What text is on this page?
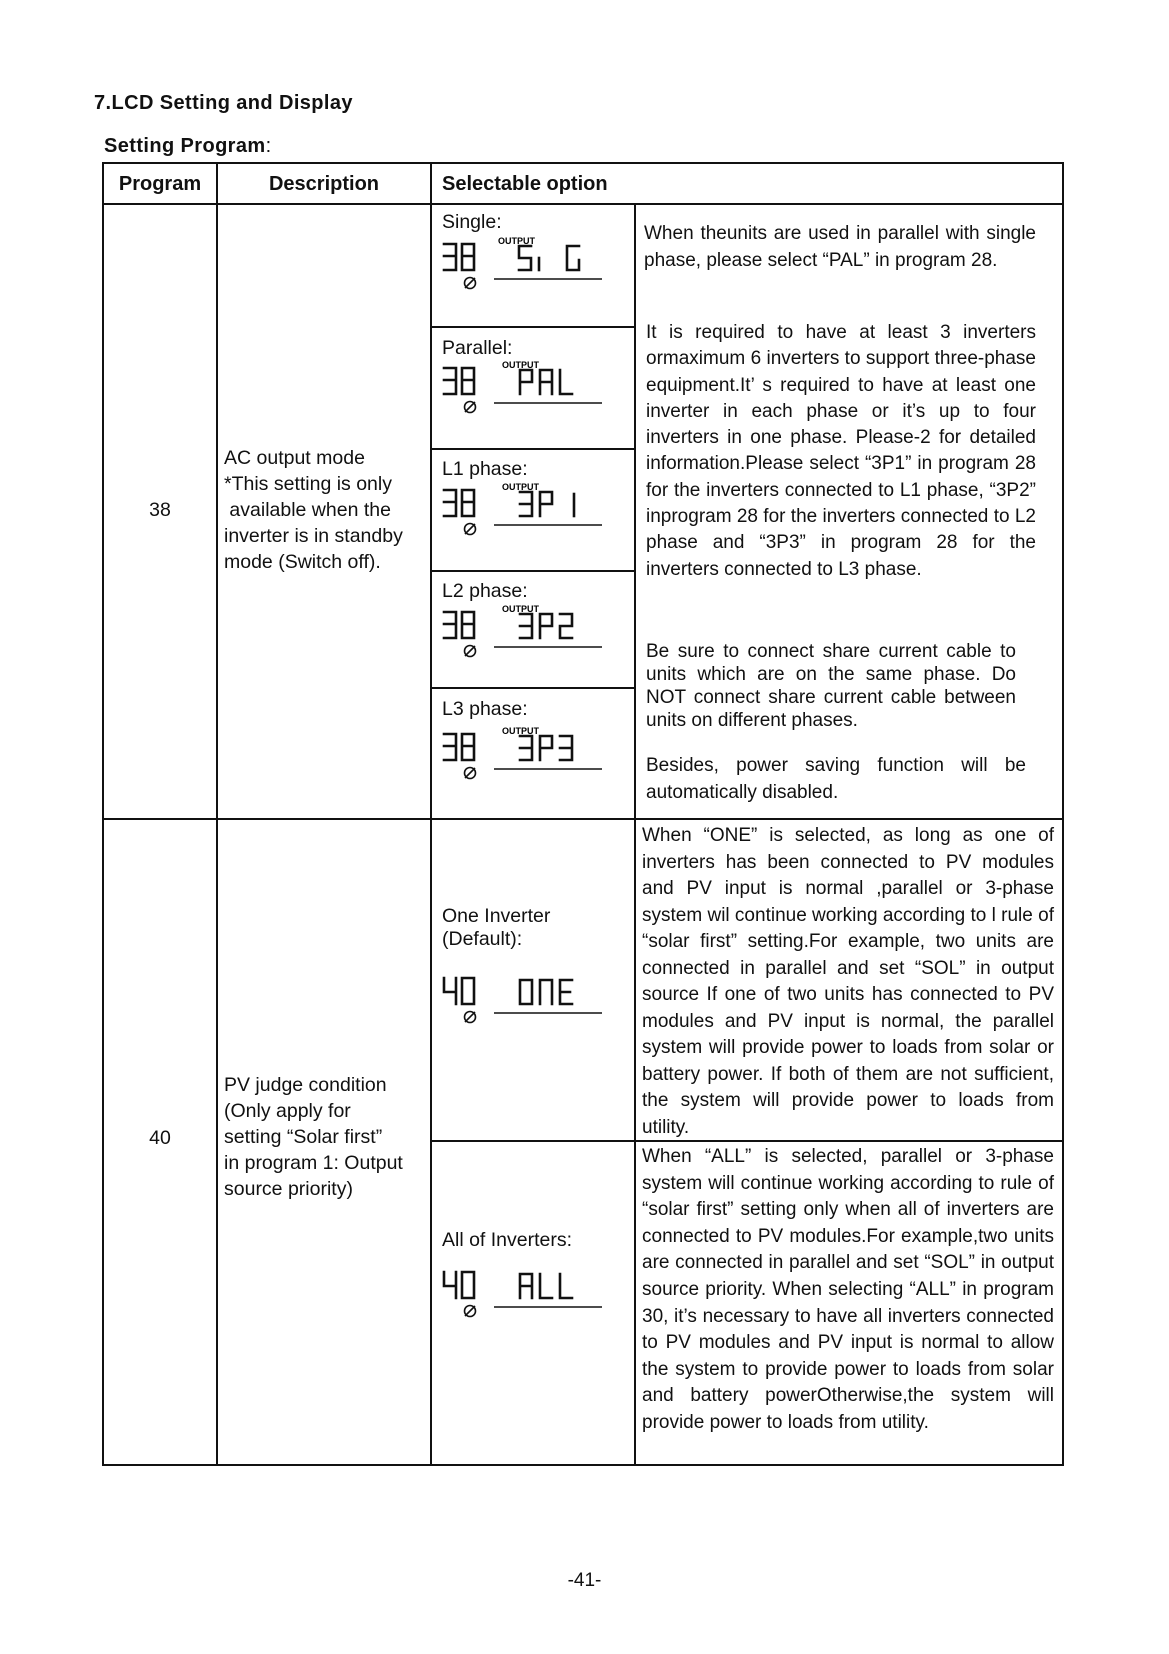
7.LCD Setting and Display
Setting Program:
Program	Description	Selectable option
38
AC output mode
*This setting is only
available when the
inverter is in standby
mode (Switch off).
Single:
OUTPUT
Parallel:
OUTPUT
L1 phase:
OUTPUT
L2 phase:
OUTPUT
L3 phase:
OUTPUT
When theunits are used in parallel with single phase, please select “PAL” in program 28.
It is required to have at least 3 inverters ormaximum 6 inverters to support three-phase equipment.It’ s required to have at least one inverter in each phase or it’s up to four inverters in one phase. Please-2 for detailed information.Please select “3P1” in program 28 for the inverters connected to L1 phase, “3P2” inprogram 28 for the inverters connected to L2 phase and “3P3” in program 28 for the inverters connected to L3 phase.
Be sure to connect share current cable to units which are on the same phase. Do NOT connect share current cable between units on different phases.
Besides, power saving function will be automatically disabled.
40
PV judge condition
(Only apply for
setting “Solar first”
in program 1: Output
source priority)
One Inverter
(Default):
All of Inverters:
When “ONE” is selected, as long as one of inverters has been connected to PV modules and PV input is normal ,parallel or 3-phase system wil continue working according to l rule of “solar first” setting.For example, two units are connected in parallel and set “SOL” in output source If one of two units has connected to PV modules and PV input is normal, the parallel system will provide power to loads from solar or battery power. If both of them are not sufficient, the system will provide power to loads from utility.
When “ALL” is selected, parallel or 3-phase system will continue working according to rule of “solar first” setting only when all of inverters are connected to PV modules.For example,two units are connected in parallel and set “SOL” in output source priority. When selecting “ALL” in program 30, it’s necessary to have all inverters connected to PV modules and PV input is normal to allow the system to provide power to loads from solar and battery powerOtherwise,the system will provide power to loads from utility.
-41-
